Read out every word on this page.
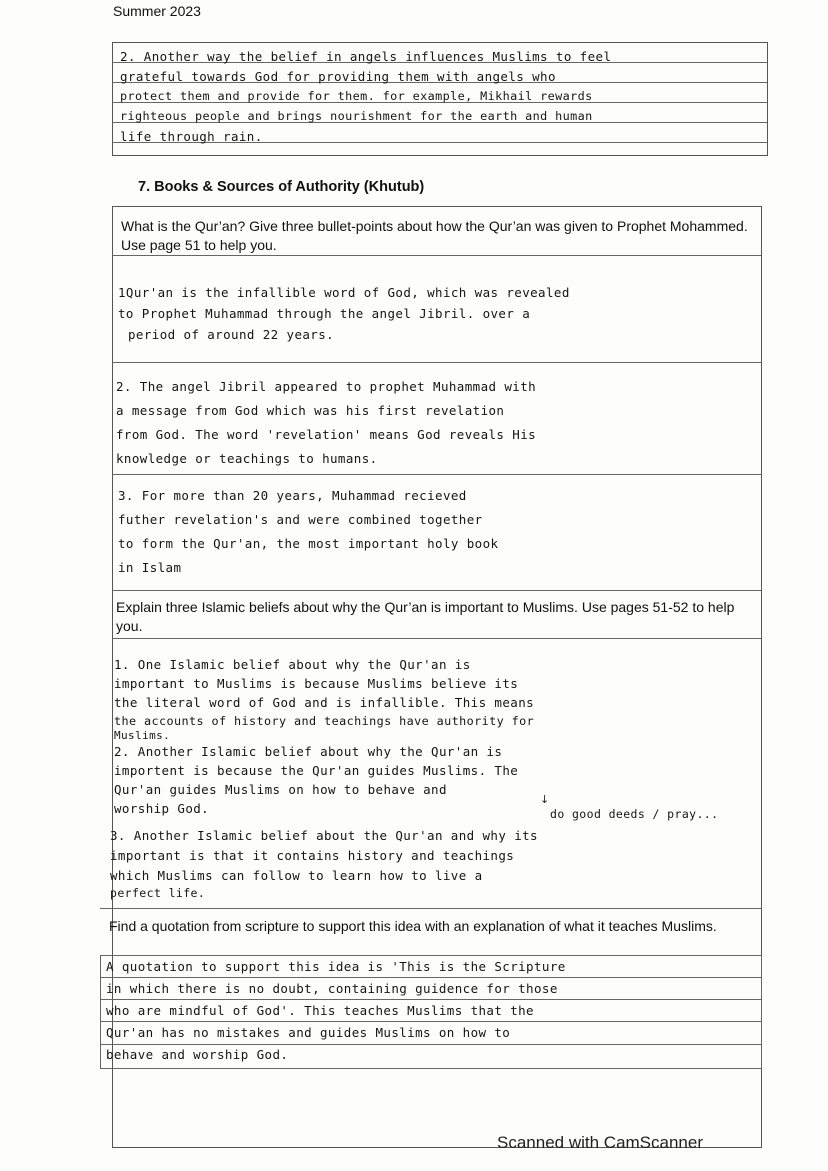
Summer 2023
2. Another way the belief in angels influences Muslims to feel
grateful towards God for providing them with angels who
protect them and provide for them. for example, Mikhail rewards
righteous people and brings nourishment for the earth and human
life through rain.
7. Books & Sources of Authority (Khutub)
What is the Qur’an? Give three bullet-points about how the Qur’an was given to Prophet Mohammed. Use page 51 to help you.
1Qur'an is the infallible word of God, which was revealed
to Prophet Muhammad through the angel Jibril. over a
period of around 22 years.
2. The angel Jibril appeared to prophet Muhammad with
a message from God which was his first revelation
from God. The word 'revelation' means God reveals His
knowledge or teachings to humans.
3. For more than 20 years, Muhammad recieved
futher revelation's and were combined together
to form the Qur'an, the most important holy book
in Islam
Explain three Islamic beliefs about why the Qur’an is important to Muslims. Use pages 51-52 to help you.
1. One Islamic belief about why the Qur'an is
important to Muslims is because Muslims believe its
the literal word of God and is infallible. This means
the accounts of history and teachings have authority for
Muslims.
2. Another Islamic belief about why the Qur'an is
importent is because the Qur'an guides Muslims. The
Qur'an guides Muslims on how to behave and
worship God.
↓
do good deeds / pray...
3. Another Islamic belief about the Qur'an and why its
important is that it contains history and teachings
which Muslims can follow to learn how to live a
perfect life.
Find a quotation from scripture to support this idea with an explanation of what it teaches Muslims.
A quotation to support this idea is 'This is the Scripture
in which there is no doubt, containing guidence for those
who are mindful of God'. This teaches Muslims that the
Qur'an has no mistakes and guides Muslims on how to
behave and worship God.
Scanned with CamScanner
